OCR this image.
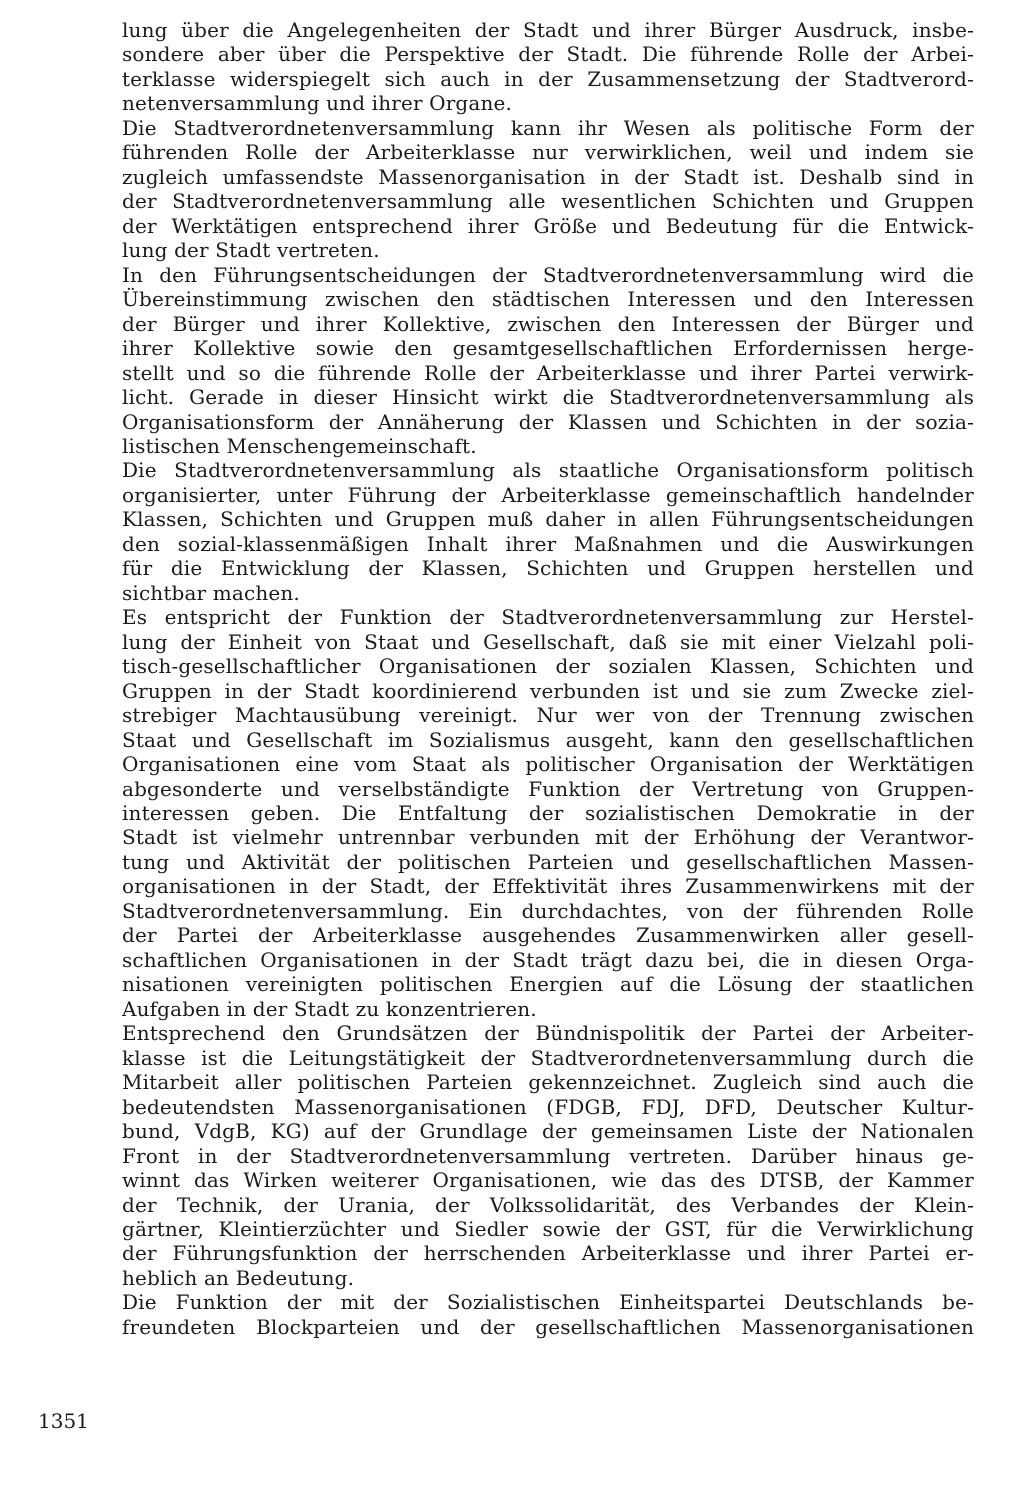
lung über die Angelegenheiten der Stadt und ihrer Bürger Ausdruck, insbe-
sondere aber über die Perspektive der Stadt. Die führende Rolle der Arbei-
terklasse widerspiegelt sich auch in der Zusammensetzung der Stadtverord-
netenversammlung und ihrer Organe.
Die Stadtverordnetenversammlung kann ihr Wesen als politische Form der
führenden Rolle der Arbeiterklasse nur verwirklichen, weil und indem sie
zugleich umfassendste Massenorganisation in der Stadt ist. Deshalb sind in
der Stadtverordnetenversammlung alle wesentlichen Schichten und Gruppen
der Werktätigen entsprechend ihrer Größe und Bedeutung für die Entwick-
lung der Stadt vertreten.
In den Führungsentscheidungen der Stadtverordnetenversammlung wird die
Übereinstimmung zwischen den städtischen Interessen und den Interessen
der Bürger und ihrer Kollektive, zwischen den Interessen der Bürger und
ihrer Kollektive sowie den gesamtgesellschaftlichen Erfordernissen herge-
stellt und so die führende Rolle der Arbeiterklasse und ihrer Partei verwirk-
licht. Gerade in dieser Hinsicht wirkt die Stadtverordnetenversammlung als
Organisationsform der Annäherung der Klassen und Schichten in der sozia-
listischen Menschengemeinschaft.
Die Stadtverordnetenversammlung als staatliche Organisationsform politisch
organisierter, unter Führung der Arbeiterklasse gemeinschaftlich handelnder
Klassen, Schichten und Gruppen muß daher in allen Führungsentscheidungen
den sozial-klassenmäßigen Inhalt ihrer Maßnahmen und die Auswirkungen
für die Entwicklung der Klassen, Schichten und Gruppen herstellen und
sichtbar machen.
Es entspricht der Funktion der Stadtverordnetenversammlung zur Herstel-
lung der Einheit von Staat und Gesellschaft, daß sie mit einer Vielzahl poli-
tisch-gesellschaftlicher Organisationen der sozialen Klassen, Schichten und
Gruppen in der Stadt koordinierend verbunden ist und sie zum Zwecke ziel-
strebiger Machtausübung vereinigt. Nur wer von der Trennung zwischen
Staat und Gesellschaft im Sozialismus ausgeht, kann den gesellschaftlichen
Organisationen eine vom Staat als politischer Organisation der Werktätigen
abgesonderte und verselbständigte Funktion der Vertretung von Gruppen-
interessen geben. Die Entfaltung der sozialistischen Demokratie in der
Stadt ist vielmehr untrennbar verbunden mit der Erhöhung der Verantwor-
tung und Aktivität der politischen Parteien und gesellschaftlichen Massen-
organisationen in der Stadt, der Effektivität ihres Zusammenwirkens mit der
Stadtverordnetenversammlung. Ein durchdachtes, von der führenden Rolle
der Partei der Arbeiterklasse ausgehendes Zusammenwirken aller gesell-
schaftlichen Organisationen in der Stadt trägt dazu bei, die in diesen Orga-
nisationen vereinigten politischen Energien auf die Lösung der staatlichen
Aufgaben in der Stadt zu konzentrieren.
Entsprechend den Grundsätzen der Bündnispolitik der Partei der Arbeiter-
klasse ist die Leitungstätigkeit der Stadtverordnetenversammlung durch die
Mitarbeit aller politischen Parteien gekennzeichnet. Zugleich sind auch die
bedeutendsten Massenorganisationen (FDGB, FDJ, DFD, Deutscher Kultur-
bund, VdgB, KG) auf der Grundlage der gemeinsamen Liste der Nationalen
Front in der Stadtverordnetenversammlung vertreten. Darüber hinaus ge-
winnt das Wirken weiterer Organisationen, wie das des DTSB, der Kammer
der Technik, der Urania, der Volkssolidarität, des Verbandes der Klein-
gärtner, Kleintierzüchter und Siedler sowie der GST, für die Verwirklichung
der Führungsfunktion der herrschenden Arbeiterklasse und ihrer Partei er-
heblich an Bedeutung.
Die Funktion der mit der Sozialistischen Einheitspartei Deutschlands be-
freundeten Blockparteien und der gesellschaftlichen Massenorganisationen
1351
